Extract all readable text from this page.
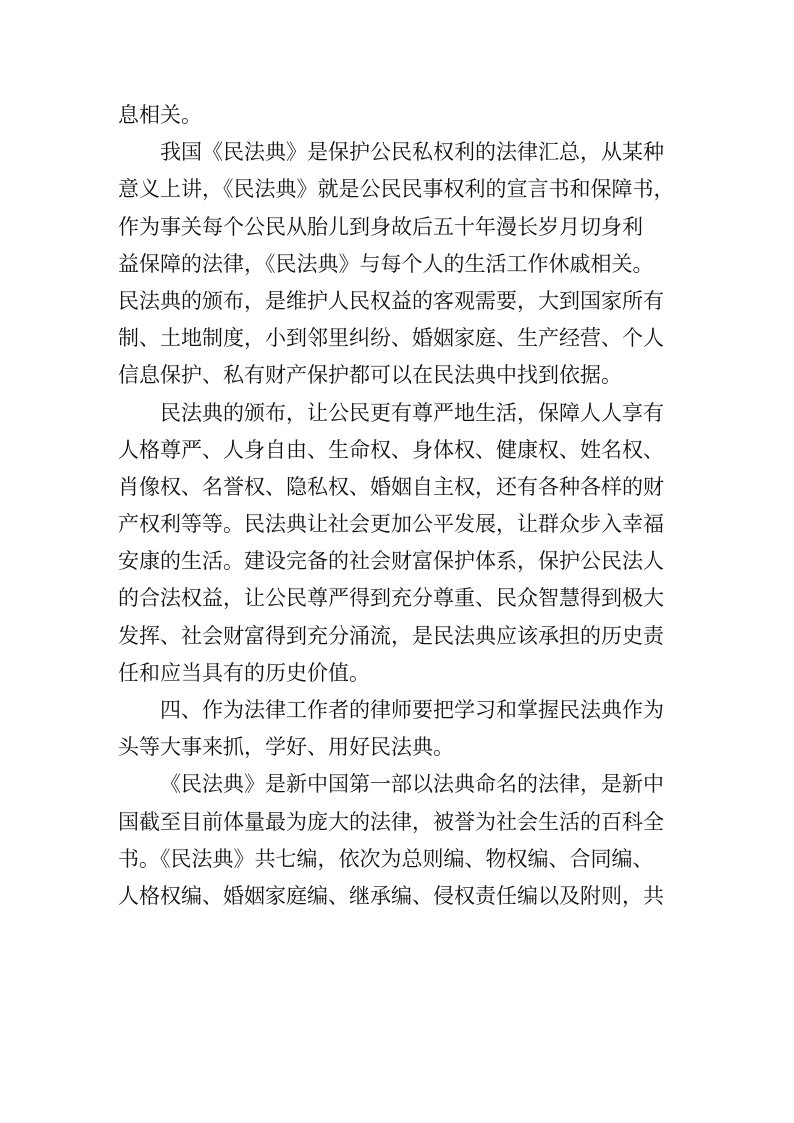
息相关。
我国《民法典》是保护公民私权利的法律汇总，从某种
意义上讲，《民法典》就是公民民事权利的宣言书和保障书，
作为事关每个公民从胎儿到身故后五十年漫长岁月切身利
益保障的法律，《民法典》与每个人的生活工作休戚相关。
民法典的颁布，是维护人民权益的客观需要，大到国家所有
制、土地制度，小到邻里纠纷、婚姻家庭、生产经营、个人
信息保护、私有财产保护都可以在民法典中找到依据。
民法典的颁布，让公民更有尊严地生活，保障人人享有
人格尊严、人身自由、生命权、身体权、健康权、姓名权、
肖像权、名誉权、隐私权、婚姻自主权，还有各种各样的财
产权利等等。民法典让社会更加公平发展，让群众步入幸福
安康的生活。建设完备的社会财富保护体系，保护公民法人
的合法权益，让公民尊严得到充分尊重、民众智慧得到极大
发挥、社会财富得到充分涌流，是民法典应该承担的历史责
任和应当具有的历史价值。
四、作为法律工作者的律师要把学习和掌握民法典作为
头等大事来抓，学好、用好民法典。
《民法典》是新中国第一部以法典命名的法律，是新中
国截至目前体量最为庞大的法律，被誉为社会生活的百科全
书。《民法典》共七编，依次为总则编、物权编、合同编、
人格权编、婚姻家庭编、继承编、侵权责任编以及附则，共
